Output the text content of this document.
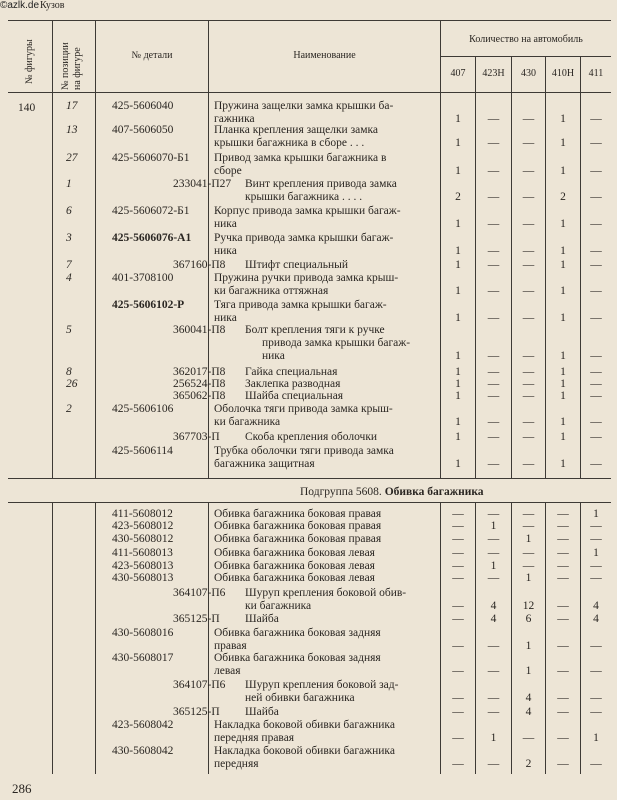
©azlk.de Кузов
№ фигуры	№ позиции на фигуре	№ детали	Наименование
Количество на автомобиль
407	423Н	430	410Н	411
140
Подгруппа 5608. Обивка багажника
17	425-5606040	Пружина защелки замка крышки ба-
гажника	1	—	—	1	—
13	407-5606050	Планка крепления защелки замка
крышки багажника в сборе . . .	1	—	—	1	—
27	425-5606070-Б1 Привод замка крышки багажника в
сборе	1	—	—	1	—
1	233041-П27 Винт крепления привода замка
крышки багажника . . . .	2	—	—	2	—
6	425-5606072-Б1 Корпус привода замка крышки багаж-
ника	1	—	—	1	—
3	425-5606076-А1 Ручка привода замка крышки багаж-
ника	1	—	—	1	—
7	367160-П8 Штифт специальный	1	—	—	1	—
4	401-3708100	Пружина ручки привода замка крыш-
ки багажника оттяжная	1	—	—	1	—
425-5606102-Р	Тяга привода замка крышки багаж-
ника	1	—	—	1	—
5	360041-П8 Болт крепления тяги к ручке
привода замка крышки багаж-
ника	1	—	—	1	—
8	362017-П8 Гайка специальная	1	—	—	1	—
26	256524-П8 Заклепка разводная	1	—	—	1	—
365062-П8 Шайба специальная	1	—	—	1	—
2	425-5606106	Оболочка тяги привода замка крыш-
ки багажника	1	—	—	1	—
367703-П Скоба крепления оболочки	1	—	—	1	—
425-5606114	Трубка оболочки тяги привода замка
багажника защитная	1	—	—	1	—
411-5608012	Обивка багажника боковая правая	—	—	—	—	1
423-5608012	Обивка багажника боковая правая	—	1	—	—	—
430-5608012	Обивка багажника боковая правая	—	—	1	—	—
411-5608013	Обивка багажника боковая левая	—	—	—	—	1
423-5608013	Обивка багажника боковая левая	—	1	—	—	—
430-5608013	Обивка багажника боковая левая	—	—	1	—	—
364107-П6 Шуруп крепления боковой обив-
ки багажника	—	4	12	—	4
365125-П Шайба	—	4	6	—	4
430-5608016	Обивка багажника боковая задняя
правая	—	—	1	—	—
430-5608017	Обивка багажника боковая задняя
левая	—	—	1	—	—
364107-П6 Шуруп крепления боковой зад-
ней обивки багажника	—	—	4	—	—
365125-П Шайба	—	—	4	—	—
423-5608042	Накладка боковой обивки багажника
передняя правая	—	1	—	—	1
430-5608042	Накладка боковой обивки багажника
передняя	—	—	2	—	—
286
